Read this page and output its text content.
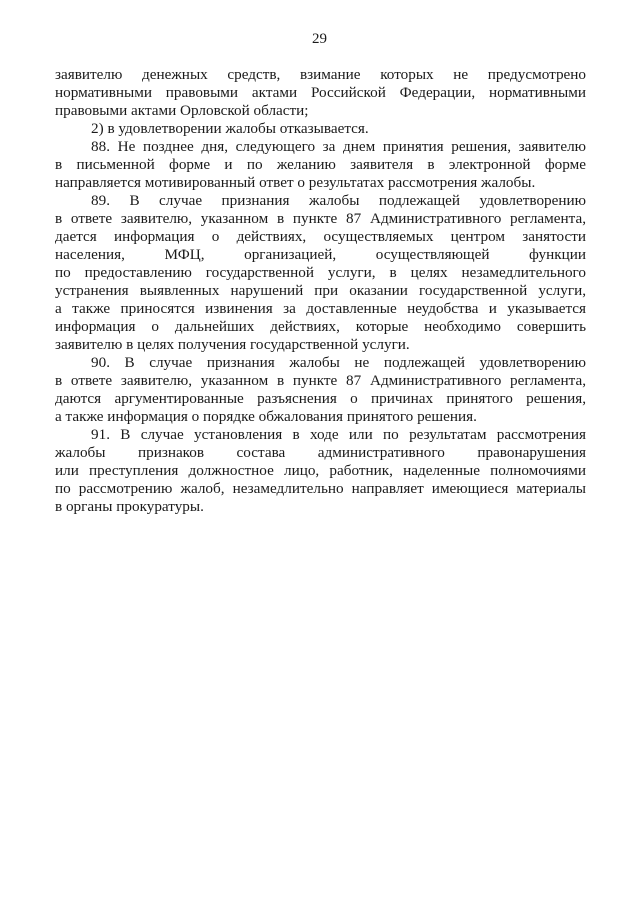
29
заявителю денежных средств, взимание которых не предусмотрено
нормативными правовыми актами Российской Федерации, нормативными
правовыми актами Орловской области;
2) в удовлетворении жалобы отказывается.
88. Не позднее дня, следующего за днем принятия решения, заявителю
в письменной форме и по желанию заявителя в электронной форме
направляется мотивированный ответ о результатах рассмотрения жалобы.
89. В случае признания жалобы подлежащей удовлетворению
в ответе заявителю, указанном в пункте 87 Административного регламента,
дается информация о действиях, осуществляемых центром занятости
населения, МФЦ, организацией, осуществляющей функции
по предоставлению государственной услуги, в целях незамедлительного
устранения выявленных нарушений при оказании государственной услуги,
а также приносятся извинения за доставленные неудобства и указывается
информация о дальнейших действиях, которые необходимо совершить
заявителю в целях получения государственной услуги.
90. В случае признания жалобы не подлежащей удовлетворению
в ответе заявителю, указанном в пункте 87 Административного регламента,
даются аргументированные разъяснения о причинах принятого решения,
а также информация о порядке обжалования принятого решения.
91. В случае установления в ходе или по результатам рассмотрения
жалобы признаков состава административного правонарушения
или преступления должностное лицо, работник, наделенные полномочиями
по рассмотрению жалоб, незамедлительно направляет имеющиеся материалы
в органы прокуратуры.
